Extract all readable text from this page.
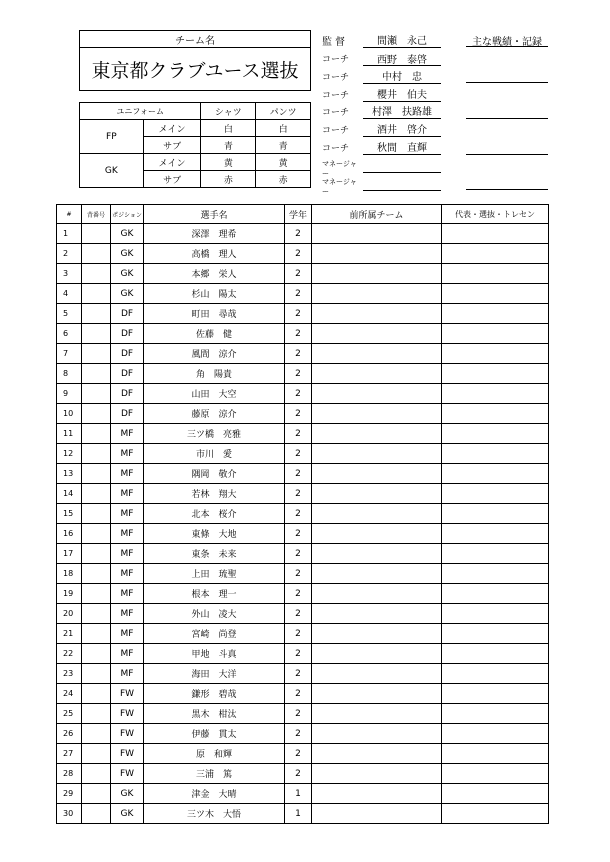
チーム名
東京都クラブユース選抜
ユニフォーム		シャツ	パンツ
FP	メイン	白	白
	サブ	青	青
GK	メイン	黄	黄
	サブ	赤	赤
監督	間瀬　永己
コーチ	西野　泰啓
コーチ	中村　忠
コーチ	櫻井　伯夫
コーチ	村澤　扶路雄
コーチ	酒井　啓介
コーチ	秋間　直輝
マネージャー
マネージャー
主な戦績・記録
#	背番号	ポジション	選手名	学年	前所属チーム	代表・選抜・トレセン
1		GK	深澤　理希	2		
2		GK	高橋　理人	2		
3		GK	本郷　栄人	2		
4		GK	杉山　陽太	2		
5		DF	町田　尋哉	2		
6		DF	佐藤　健	2		
7		DF	風間　涼介	2		
8		DF	角　陽貴	2		
9		DF	山田　大空	2		
10		DF	藤原　涼介	2		
11		MF	三ツ橋　亮雅	2		
12		MF	市川　愛	2		
13		MF	隅岡　敬介	2		
14		MF	若林　翔大	2		
15		MF	北本　桜介	2		
16		MF	東條　大地	2		
17		MF	東条　未来	2		
18		MF	上田　琉聖	2		
19		MF	根本　理一	2		
20		MF	外山　凌大	2		
21		MF	宮崎　尚登	2		
22		MF	甲地　斗真	2		
23		MF	海田　大洋	2		
24		FW	鎌形　碧哉	2		
25		FW	黒木　柑汰	2		
26		FW	伊藤　貫太	2		
27		FW	原　和輝	2		
28		FW	三浦　篤	2		
29		GK	津金　大晴	1		
30		GK	三ツ木　大悟	1		
